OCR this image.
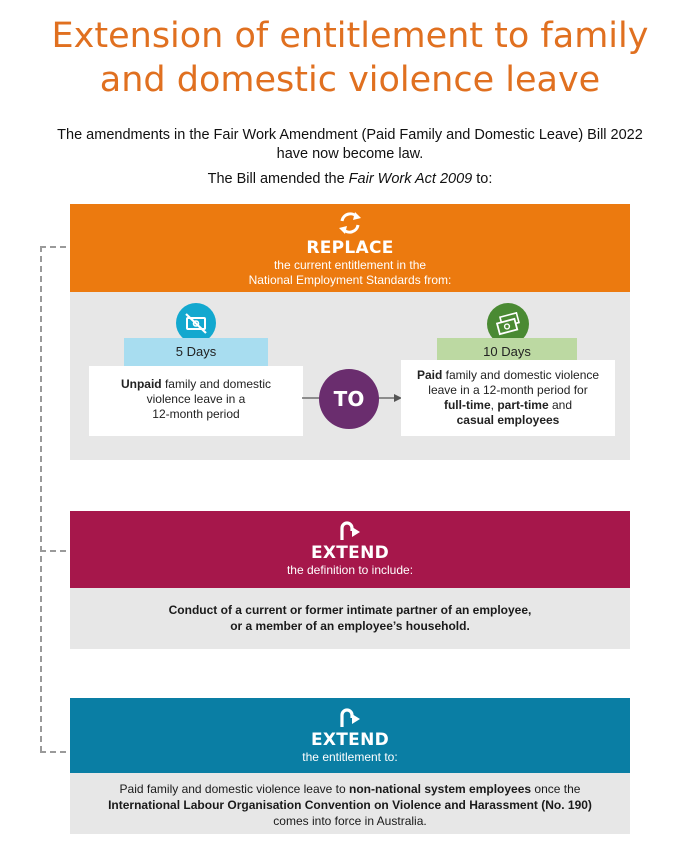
Extension of entitlement to family
and domestic violence leave
The amendments in the Fair Work Amendment (Paid Family and Domestic Leave) Bill 2022
have now become law.
The Bill amended the Fair Work Act 2009 to:
REPLACE
the current entitlement in the
National Employment Standards from:
5 Days
Unpaid family and domestic
violence leave in a
12-month period
TO
10 Days
Paid family and domestic violence
leave in a 12-month period for
full-time, part-time and
casual employees
EXTEND
the definition to include:
Conduct of a current or former intimate partner of an employee,
or a member of an employee’s household.
EXTEND
the entitlement to:
Paid family and domestic violence leave to non-national system employees once the
International Labour Organisation Convention on Violence and Harassment (No. 190)
comes into force in Australia.
